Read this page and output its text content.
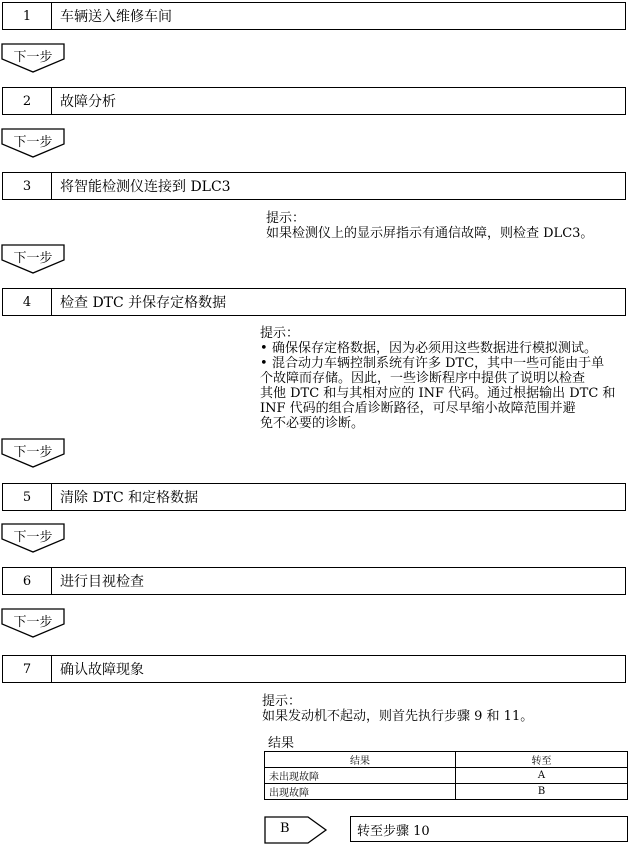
1	车辆送入维修车间
下一步
2	故障分析
下一步
3	将智能检测仪连接到 DLC3
提示：
如果检测仪上的显示屏指示有通信故障，则检查 DLC3。
下一步
4	检查 DTC 并保存定格数据
提示：
• 确保保存定格数据，因为必须用这些数据进行模拟测试。
• 混合动力车辆控制系统有许多 DTC，其中一些可能由于单
个故障而存储。因此，一些诊断程序中提供了说明以检查
其他 DTC 和与其相对应的 INF 代码。通过根据输出 DTC 和
INF 代码的组合盾诊断路径，可尽早缩小故障范围并避
免不必要的诊断。
下一步
5	清除 DTC 和定格数据
下一步
6	进行目视检查
下一步
7	确认故障现象
提示：
如果发动机不起动，则首先执行步骤 9 和 11。
结果
结果	转至
未出现故障	A
出现故障	B
B	转至步骤 10
